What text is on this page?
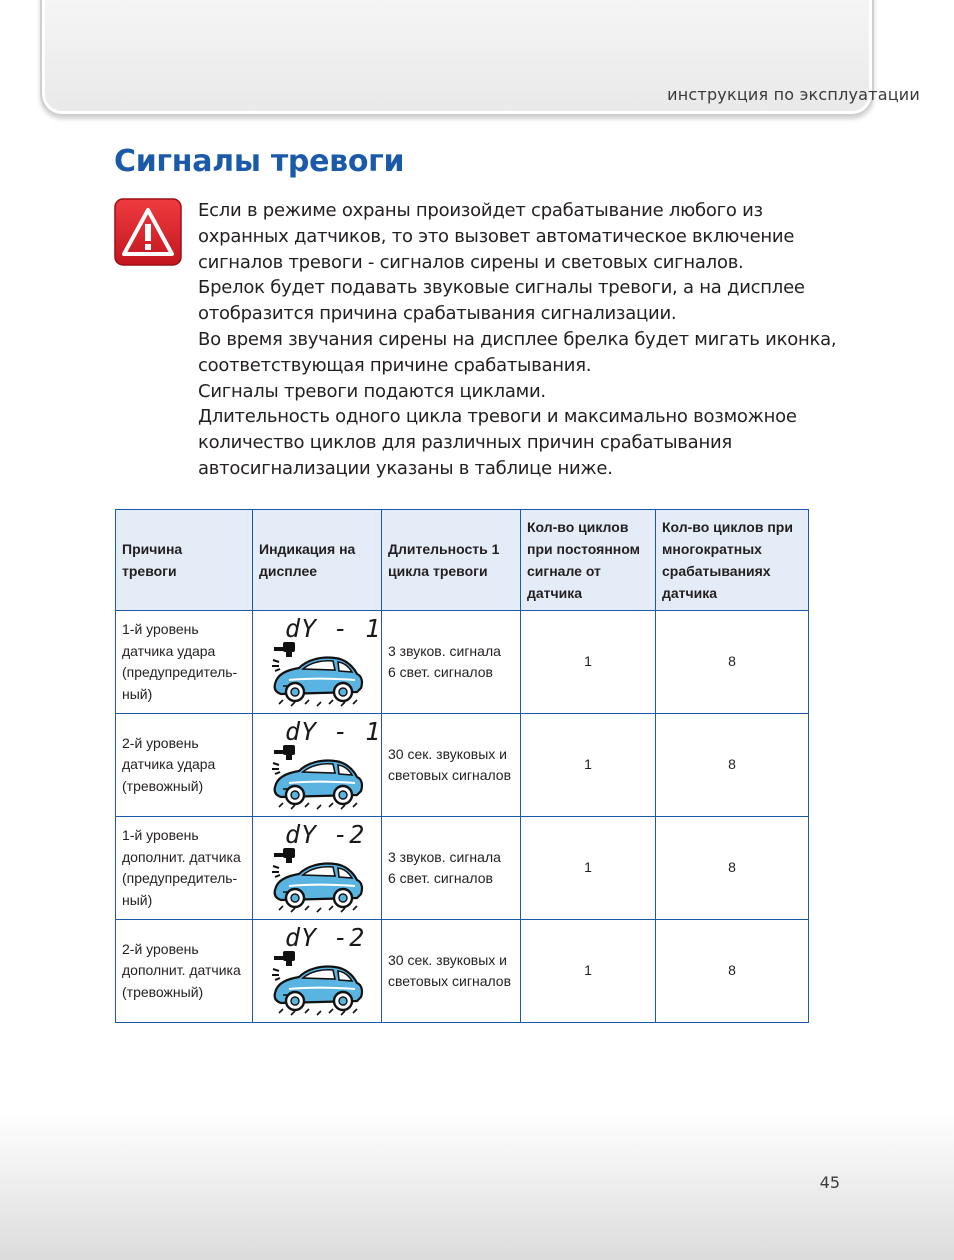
инструкция по эксплуатации
Сигналы тревоги

Если в режиме охраны произойдет срабатывание любого из охранных датчиков, то это вызовет автоматическое включение сигналов тревоги - сигналов сирены и световых сигналов.

Брелок будет подавать звуковые сигналы тревоги, а на дисплее отобразится причина срабатывания сигнализации.

Во время звучания сирены на дисплее брелка будет мигать иконка, соответствующая причине срабатывания.

Сигналы тревоги подаются циклами.

Длительность одного цикла тревоги и максимально возможное количество циклов для различных причин срабатывания автосигнализации указаны в таблице ниже.

Причина тревоги	Индикация на дисплее	Длительность 1 цикла тревоги	Кол-во циклов при постоянном сигнале от датчика	Кол-во циклов при многократных срабатываниях датчика
1-й уровень
датчика удара
(предупредитель-
ный)	dY - 1	3 звуков. сигнала
6 свет. сигналов	1	8
2-й уровень
датчика удара
(тревожный)	dY - 1	30 сек. звуковых и
световых сигналов	1	8
1-й уровень
дополнит. датчика
(предупредитель-
ный)	dY -2	3 звуков. сигнала
6 свет. сигналов	1	8
2-й уровень
дополнит. датчика
(тревожный)	dY -2	30 сек. звуковых и
световых сигналов	1	8
45
